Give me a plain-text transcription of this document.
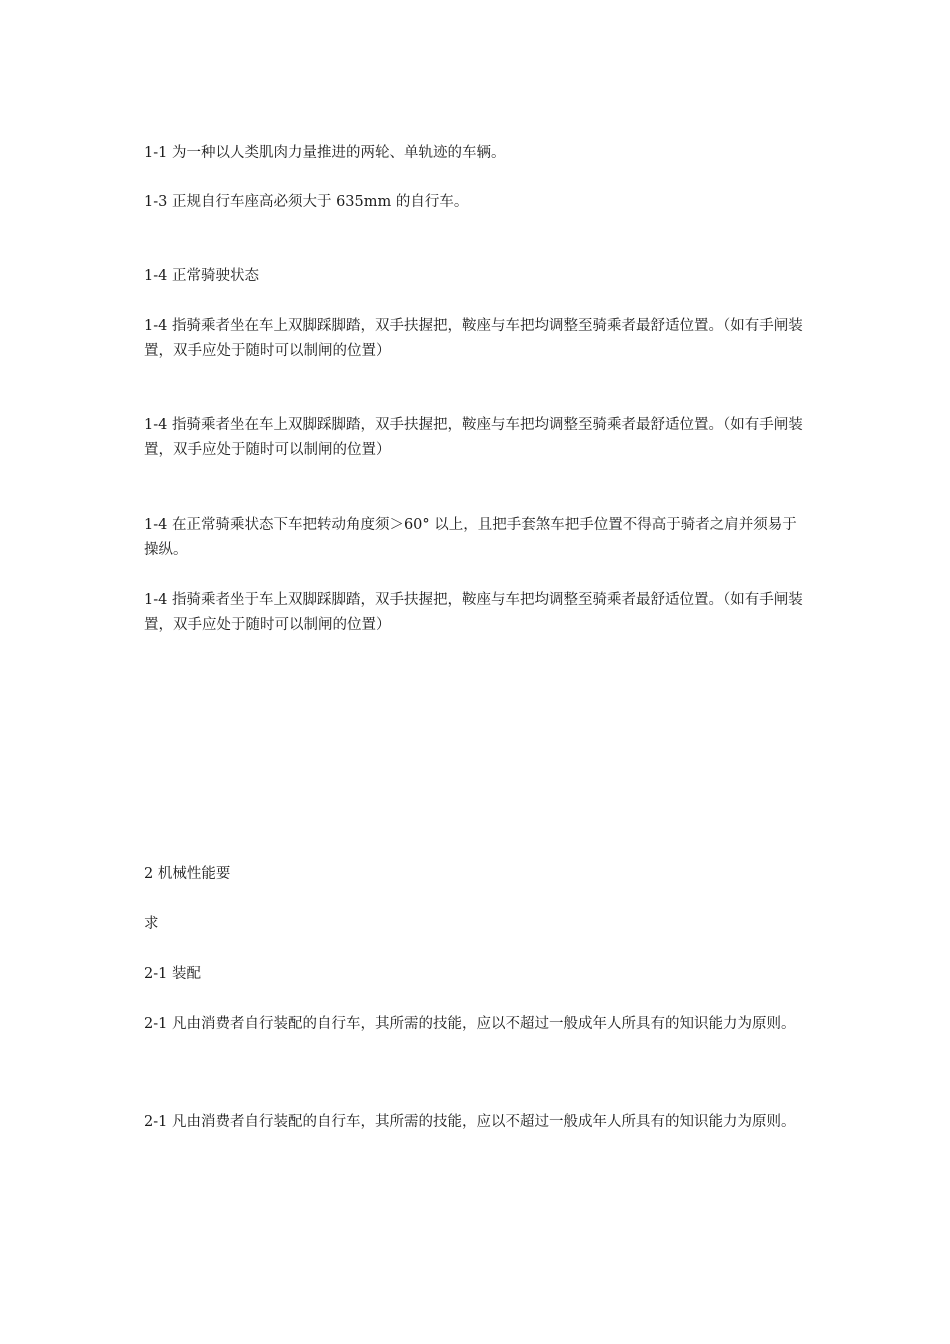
1-1 为一种以人类肌肉力量推进的两轮、单轨迹的车辆。

1-3 正规自行车座高必须大于 635mm 的自行车。

1-4 正常骑驶状态

1-4 指骑乘者坐在车上双脚踩脚踏，双手扶握把，鞍座与车把均调整至骑乘者最舒适位置。（如有手闸装置，双手应处于随时可以制闸的位置）

1-4 指骑乘者坐在车上双脚踩脚踏，双手扶握把，鞍座与车把均调整至骑乘者最舒适位置。（如有手闸装置，双手应处于随时可以制闸的位置）

1-4 在正常骑乘状态下车把转动角度须＞60° 以上，且把手套煞车把手位置不得高于骑者之肩并须易于操纵。

1-4 指骑乘者坐于车上双脚踩脚踏，双手扶握把，鞍座与车把均调整至骑乘者最舒适位置。（如有手闸装置，双手应处于随时可以制闸的位置）

2 机械性能要

求

2-1 装配

2-1 凡由消费者自行装配的自行车，其所需的技能，应以不超过一般成年人所具有的知识能力为原则。

2-1 凡由消费者自行装配的自行车，其所需的技能，应以不超过一般成年人所具有的知识能力为原则。
